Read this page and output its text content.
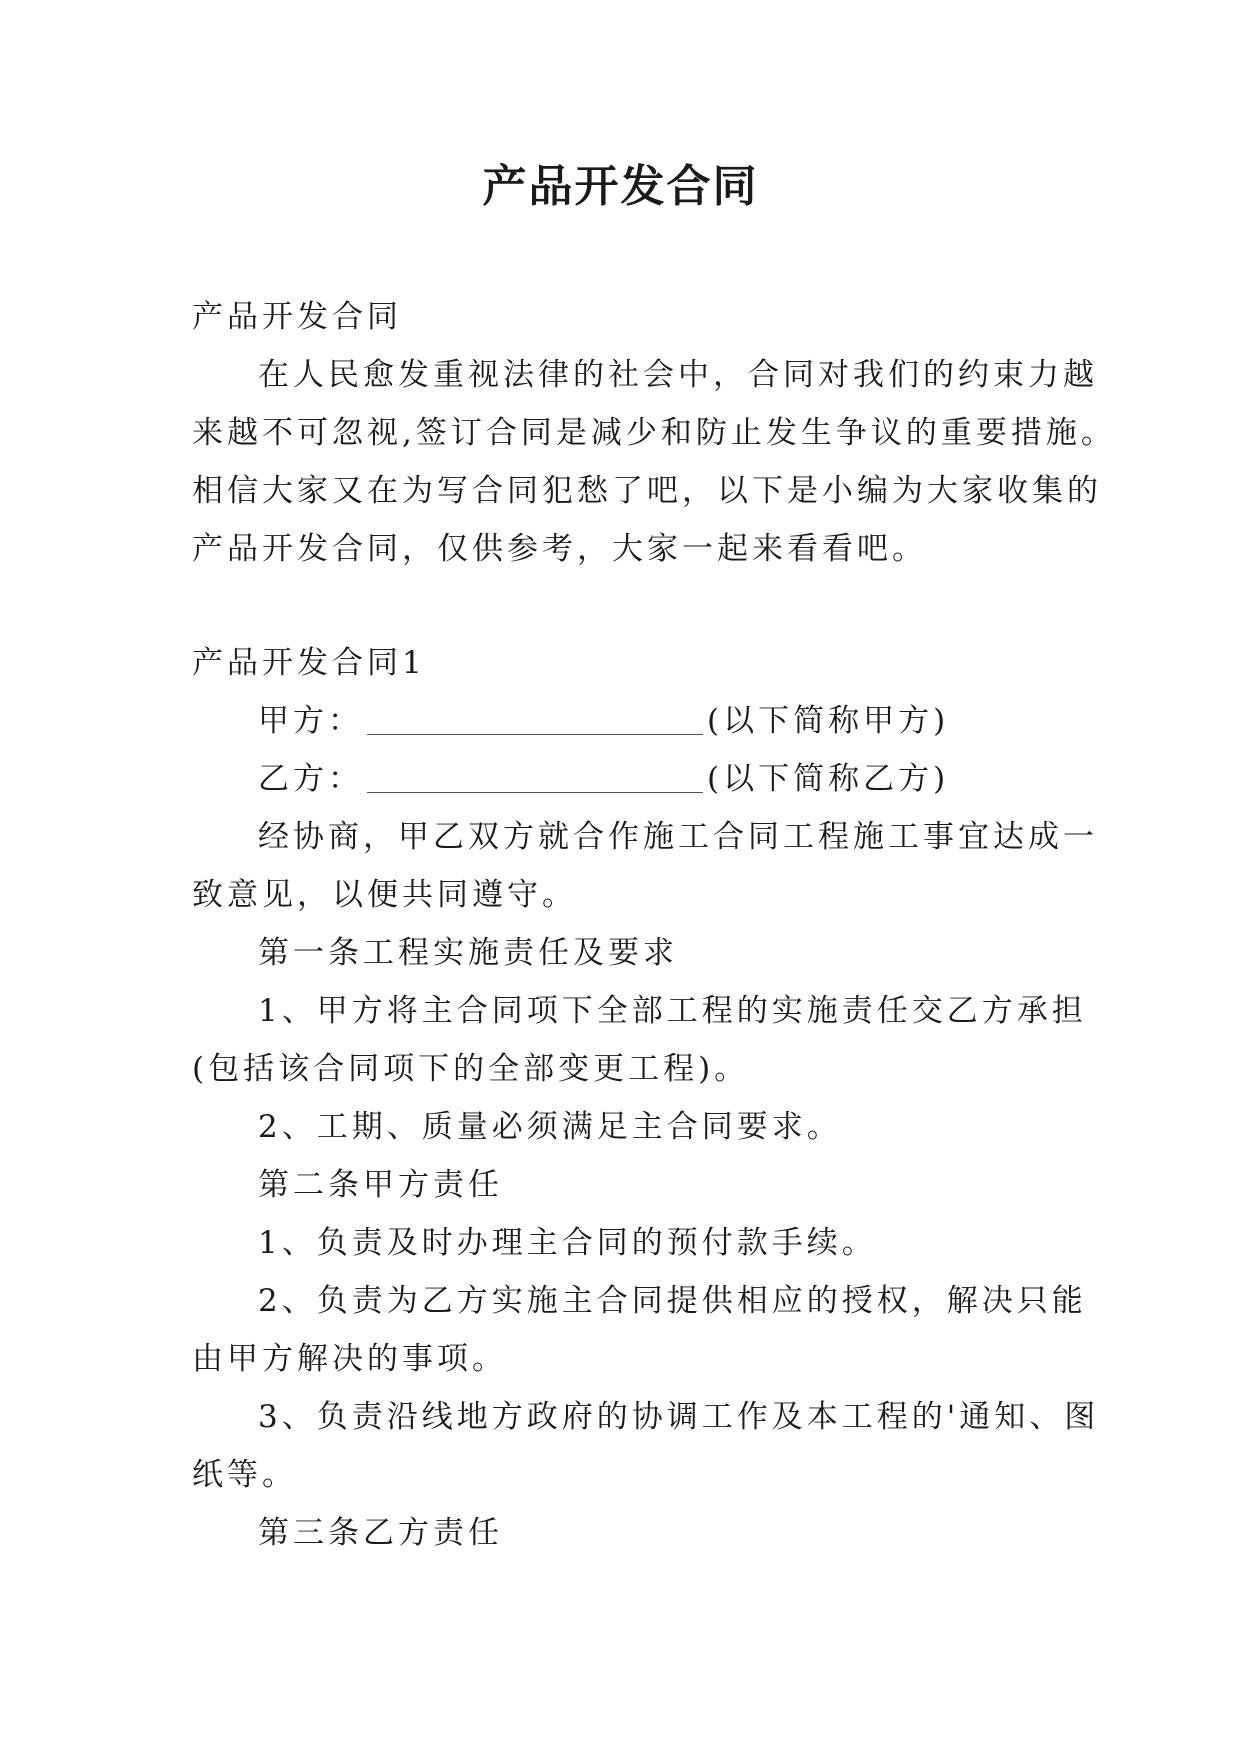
产品开发合同

产品开发合同

在人民愈发重视法律的社会中，合同对我们的约束力越

来越不可忽视,签订合同是减少和防止发生争议的重要措施。

相信大家又在为写合同犯愁了吧，以下是小编为大家收集的

产品开发合同，仅供参考，大家一起来看看吧。

产品开发合同1

甲方：	(以下简称甲方)

乙方：	(以下简称乙方)

经协商，甲乙双方就合作施工合同工程施工事宜达成一

致意见，以便共同遵守。

第一条工程实施责任及要求

1、甲方将主合同项下全部工程的实施责任交乙方承担

(包括该合同项下的全部变更工程)。

2、工期、质量必须满足主合同要求。

第二条甲方责任

1、负责及时办理主合同的预付款手续。

2、负责为乙方实施主合同提供相应的授权，解决只能

由甲方解决的事项。

3、负责沿线地方政府的协调工作及本工程的'通知、图

纸等。

第三条乙方责任
